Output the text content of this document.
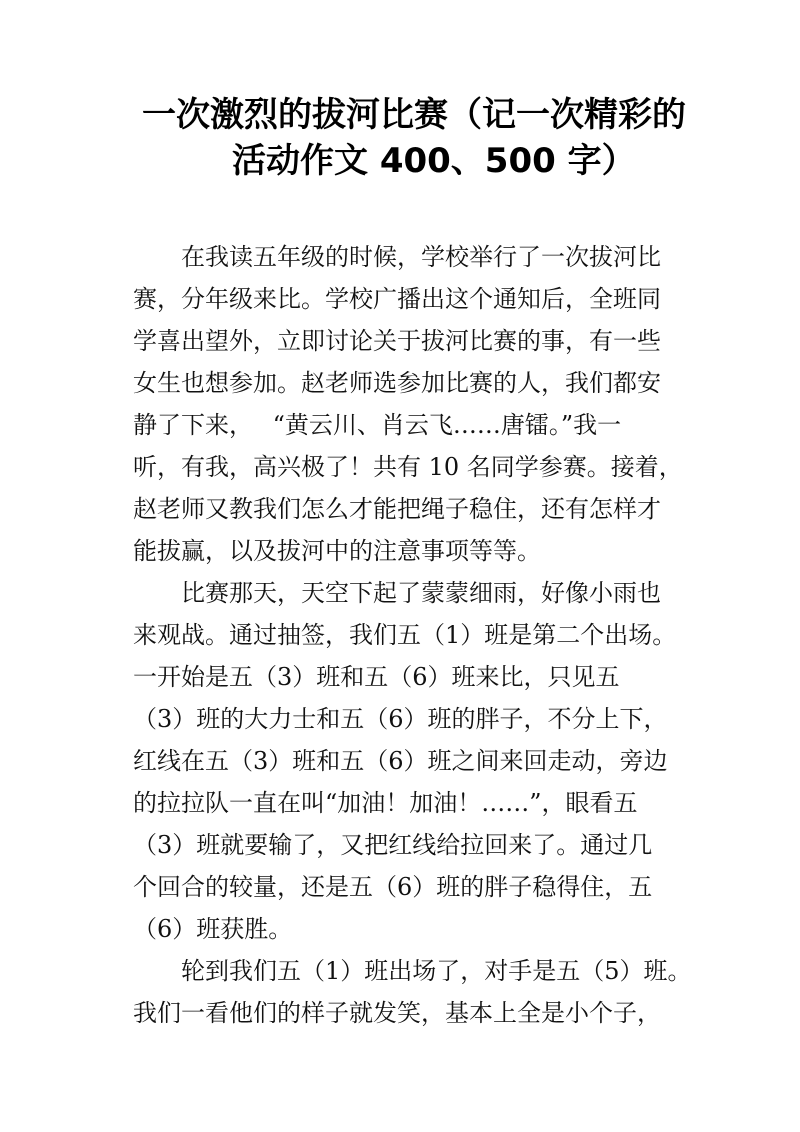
一次激烈的拔河比赛（记一次精彩的
活动作文 400、500 字）

　　在我读五年级的时候，学校举行了一次拔河比
赛，分年级来比。学校广播出这个通知后，全班同
学喜出望外，立即讨论关于拔河比赛的事，有一些
女生也想参加。赵老师选参加比赛的人，我们都安
静了下来，　 “黄云川、肖云飞……唐镭。”我一
听，有我，高兴极了！共有 10 名同学参赛。接着，
赵老师又教我们怎么才能把绳子稳住，还有怎样才
能拔赢，以及拔河中的注意事项等等。

　　比赛那天，天空下起了蒙蒙细雨，好像小雨也
来观战。通过抽签，我们五（1）班是第二个出场。
一开始是五（3）班和五（6）班来比，只见五
（3）班的大力士和五（6）班的胖子，不分上下，
红线在五（3）班和五（6）班之间来回走动，旁边
的拉拉队一直在叫“加油！加油！……”，眼看五
（3）班就要输了，又把红线给拉回来了。通过几
个回合的较量，还是五（6）班的胖子稳得住，五
（6）班获胜。

　　轮到我们五（1）班出场了，对手是五（5）班。
我们一看他们的样子就发笑，基本上全是小个子，
